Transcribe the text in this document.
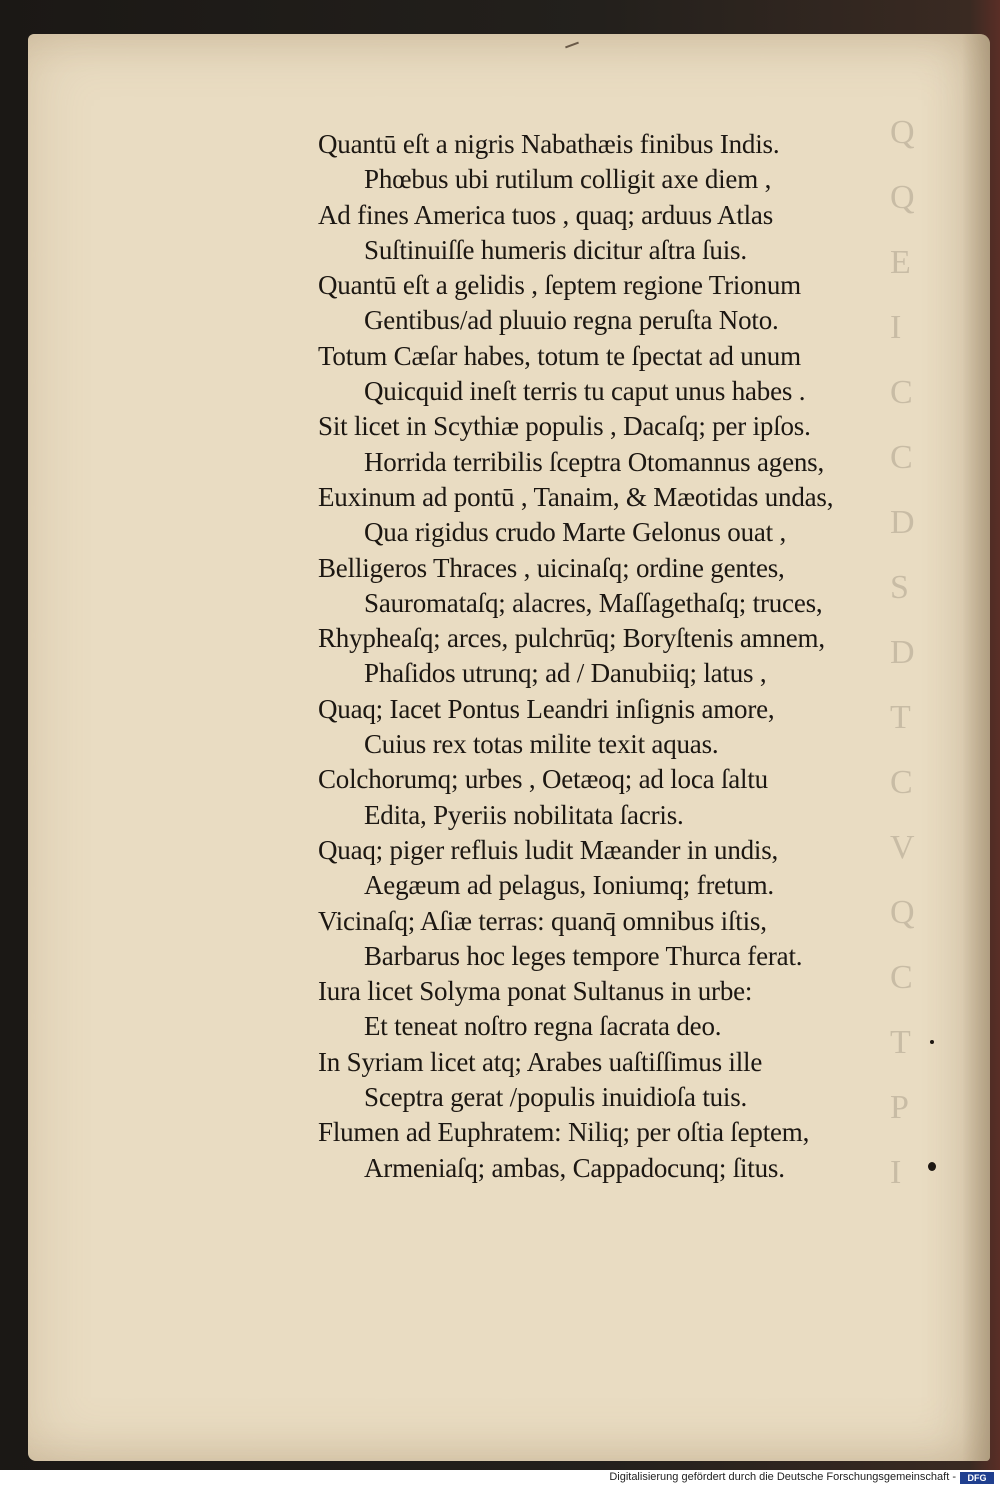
Q
Q
E
I
C
C
D
S
D
T
C
V
Q
C
T
P
I
Quantū eſt a nigris Nabathæis finibus Indis.
Phœbus ubi rutilum colligit axe diem ,
Ad fines America tuos , quaq; arduus Atlas
Suſtinuiſſe humeris dicitur aſtra ſuis.
Quantū eſt a gelidis , ſeptem regione Trionum
Gentibus/ad pluuio regna peruſta Noto.
Totum Cæſar habes, totum te ſpectat ad unum
Quicquid ineſt terris tu caput unus habes .
Sit licet in Scythiæ populis , Dacaſq; per ipſos.
Horrida terribilis ſceptra Otomannus agens,
Euxinum ad pontū , Tanaim, & Mæotidas undas,
Qua rigidus crudo Marte Gelonus ouat ,
Belligeros Thraces , uicinaſq; ordine gentes,
Sauromataſq; alacres, Maſſagethaſq; truces,
Rhypheaſq; arces, pulchrūq; Boryſtenis amnem,
Phaſidos utrunq; ad / Danubiiq; latus ,
Quaq; Iacet Pontus Leandri inſignis amore,
Cuius rex totas milite texit aquas.
Colchorumq; urbes , Oetæoq; ad loca ſaltu
Edita, Pyeriis nobilitata ſacris.
Quaq; piger refluis ludit Mæander in undis,
Aegæum ad pelagus, Ioniumq; fretum.
Vicinaſq; Aſiæ terras: quanq̄ omnibus iſtis,
Barbarus hoc leges tempore Thurca ferat.
Iura licet Solyma ponat Sultanus in urbe:
Et teneat noſtro regna ſacrata deo.
In Syriam licet atq; Arabes uaſtiſſimus ille
Sceptra gerat /populis inuidioſa tuis.
Flumen ad Euphratem: Niliq; per oſtia ſeptem,
Armeniaſq; ambas, Cappadocunq; ſitus.
Digitalisierung gefördert durch die Deutsche Forschungsgemeinschaft -	DFG
